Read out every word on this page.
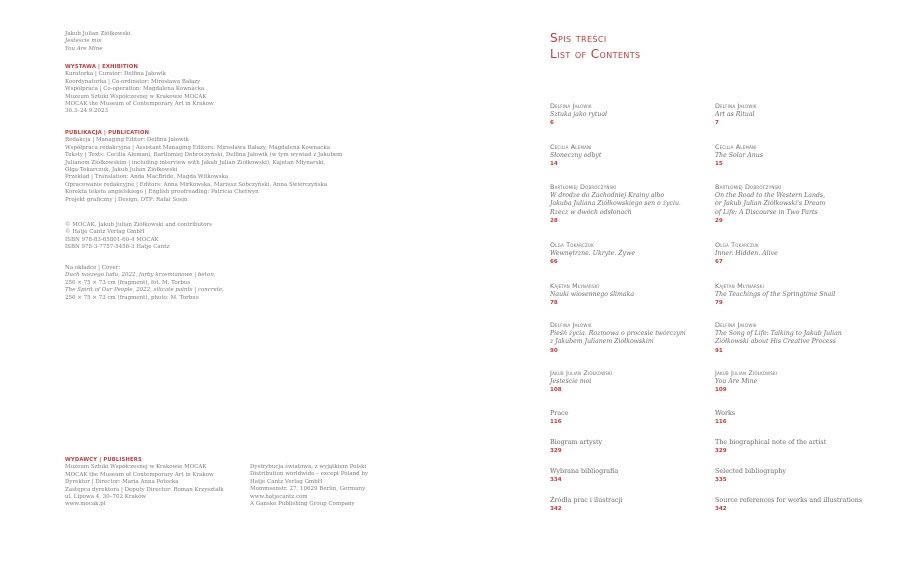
Jakub Julian Ziółkowski
Jesteście moi
You Are Mine
WYSTAWA | EXHIBITION
Kuratorka | Curator: Delfina Jałowik
Koordynatorka | Co-ordinator: Mirosława Bałazy
Współpraca | Co-operation: Magdalena Kownacka
Muzeum Sztuki Współczesnej w Krakowie MOCAK
MOCAK the Museum of Contemporary Art in Krakow
30.3–24.9.2023
PUBLIKACJA | PUBLICATION
Redakcja | Managing Editor: Delfina Jałowik
Współpraca redakcyjna | Assistant Managing Editors: Mirosława Bałazy, Magdalena Kownacka
Teksty | Texts: Cecilia Alemani, Bartłomiej Dobroczyński, Delfina Jałowik (w tym wywiad z Jakubem
Julianem Ziółkowskim | including interview with Jakub Julian Ziółkowski), Kajetan Młynarski,
Olga Tokarczuk, Jakub Julian Ziółkowski
Przekład | Translation: Anda MacBride, Magda Witkowska
Opracowanie redakcyjne | Editors: Anna Mirkowska, Mariusz Sobczyński, Anna Świerczyńska
Korekta tekstu angielskiego | English proofreading: Patricia Chetwyn
Projekt graficzny | Design, DTP: Rafał Sosin
© MOCAK, Jakub Julian Ziółkowski and contributors
© Hatje Cantz Verlag GmbH
ISBN 978-83-65801-60-4 MOCAK
ISBN 978-3-7757-5458-3 Hatje Cantz
Na okładce | Cover:
Duch naszego ludu, 2022, farby krzemianowe | beton,
250 × 75 × 73 cm (fragment), fot. M. Torbus
The Spirit of Our People, 2022, silicate paints | concrete,
250 × 75 × 73 cm (fragment), photo: M. Torbus
WYDAWCY | PUBLISHERS
Muzeum Sztuki Współczesnej w Krakowie MOCAK
MOCAK the Museum of Contemporary Art in Krakow
Dyrektor | Director: Maria Anna Potocka
Zastępca dyrektora | Deputy Director: Roman Krzyształk
ul. Lipowa 4, 30–702 Kraków
www.mocak.pl
Dystrybucja światowa, z wyjątkiem Polski
Distribution worldwide – except Poland by
Hatje Cantz Verlag GmbH
Mommsenstr. 27, 10629 Berlin, Germany
www.hatjecantz.com
A Ganske Publishing Group Company
Spis treści
List of Contents
Delfina Jałowik
Sztuka jako rytuał
6
Cecilia Alemani
Słoneczny odbyt
14
Bartłomiej Dobroczyński
W drodze do Zachodniej Krainy albo
Jakuba Juliana Ziółkowskiego sen o życiu.
Rzecz w dwóch odsłonach
28
Olga Tokarczuk
Wewnętrzne. Ukryte. Żywe
66
Kajetan Młynarski
Nauki wiosennego ślimaka
78
Delfina Jałowik
Pieśń życia. Rozmowa o procesie twórczym
z Jakubem Julianem Ziółkowskim
90
Jakub Julian Ziółkowski
Jesteście moi
108
Prace
116
Biogram artysty
329
Wybrana bibliografia
334
Źródła prac i ilustracji
342
Delfina Jałowik
Art as Ritual
7
Cecilia Alemani
The Solar Anus
15
Bartłomiej Dobroczyński
On the Road to the Western Lands,
or Jakub Julian Ziółkowski's Dream
of Life: A Discourse in Two Parts
29
Olga Tokarczuk
Inner. Hidden. Alive
67
Kajetan Młynarski
The Teachings of the Springtime Snail
79
Delfina Jałowik
The Song of Life: Talking to Jakub Julian
Ziółkowski about His Creative Process
91
Jakub Julian Ziółkowski
You Are Mine
109
Works
116
The biographical note of the artist
329
Selected bibliography
335
Source references for works and illustrations
342
